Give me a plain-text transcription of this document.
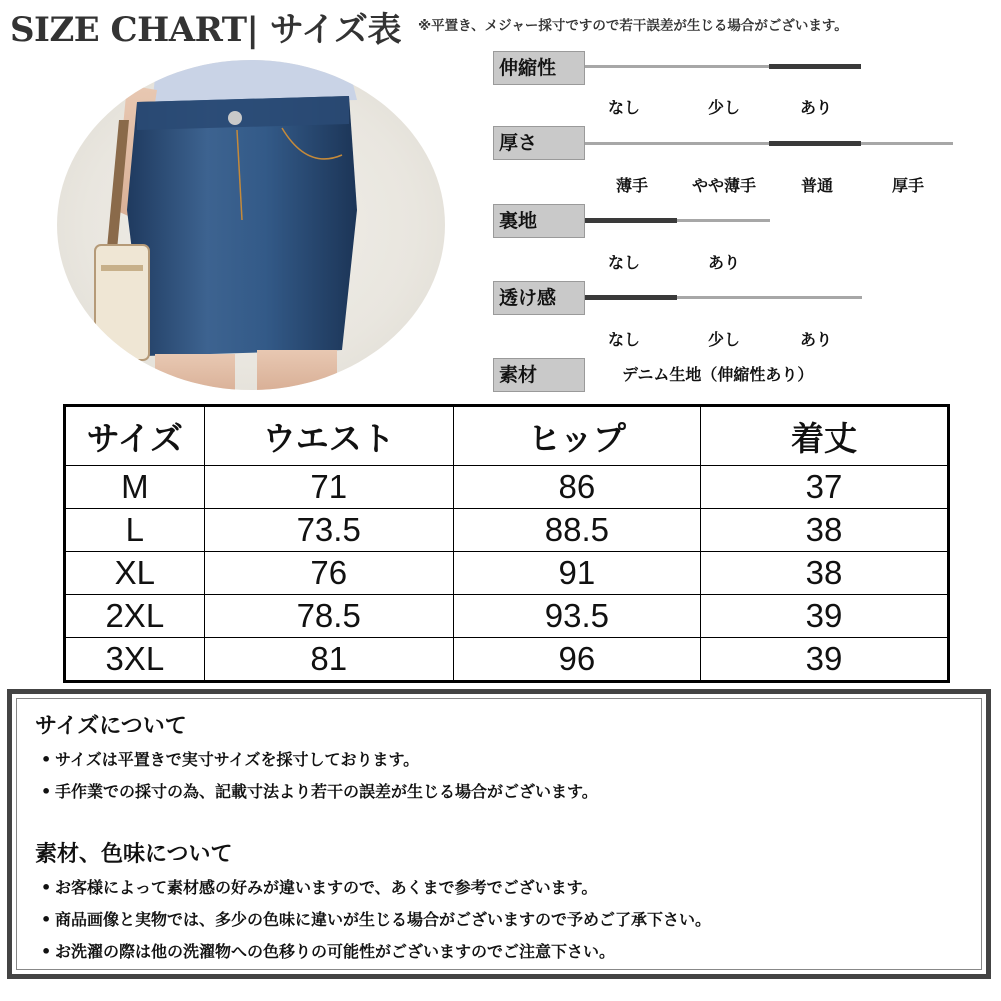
SIZE CHART| サイズ表 ※平置き、メジャー採寸ですので若干誤差が生じる場合がございます。
伸縮性
なし	少し	あり
厚さ
薄手	やや薄手	普通	厚手
裏地
なし	あり
透け感
なし	少し	あり
素材	デニム生地（伸縮性あり）
サイズ	ウエスト	ヒップ	着丈
M	71	86	37
L	73.5	88.5	38
XL	76	91	38
2XL	78.5	93.5	39
3XL	81	96	39
サイズについて
• サイズは平置きで実寸サイズを採寸しております。
• 手作業での採寸の為、記載寸法より若干の誤差が生じる場合がございます。
素材、色味について
• お客様によって素材感の好みが違いますので、あくまで参考でございます。
• 商品画像と実物では、多少の色味に違いが生じる場合がございますので予めご了承下さい。
• お洗濯の際は他の洗濯物への色移りの可能性がございますのでご注意下さい。
